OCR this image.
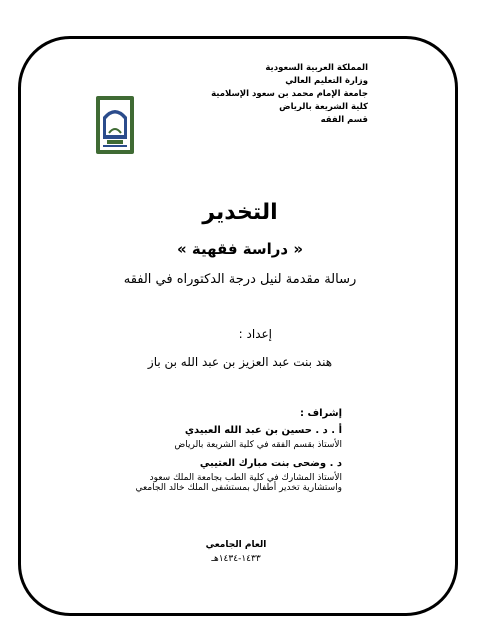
المملكة العربية السعودية
وزارة التعليم العالي
جامعة الإمام محمد بن سعود الإسلامية
كلية الشريعة بالرياض
قسم الفقه
التخدير
« دراسة فقهية »
رسالة مقدمة لنيل درجة الدكتوراه في الفقه
إعداد :
هند بنت عبد العزيز بن عبد الله بن باز
إشراف :
أ . د . حسين بن عبد الله العبيدي
الأستاذ بقسم الفقه في كلية الشريعة بالرياض
د . وضحى بنت مبارك العتيبي
الأستاذ المشارك في كلية الطب بجامعة الملك سعود واستشارية تخدير أطفال بمستشفى الملك خالد الجامعي
العام الجامعي
١٤٣٣-١٤٣٤هـ
